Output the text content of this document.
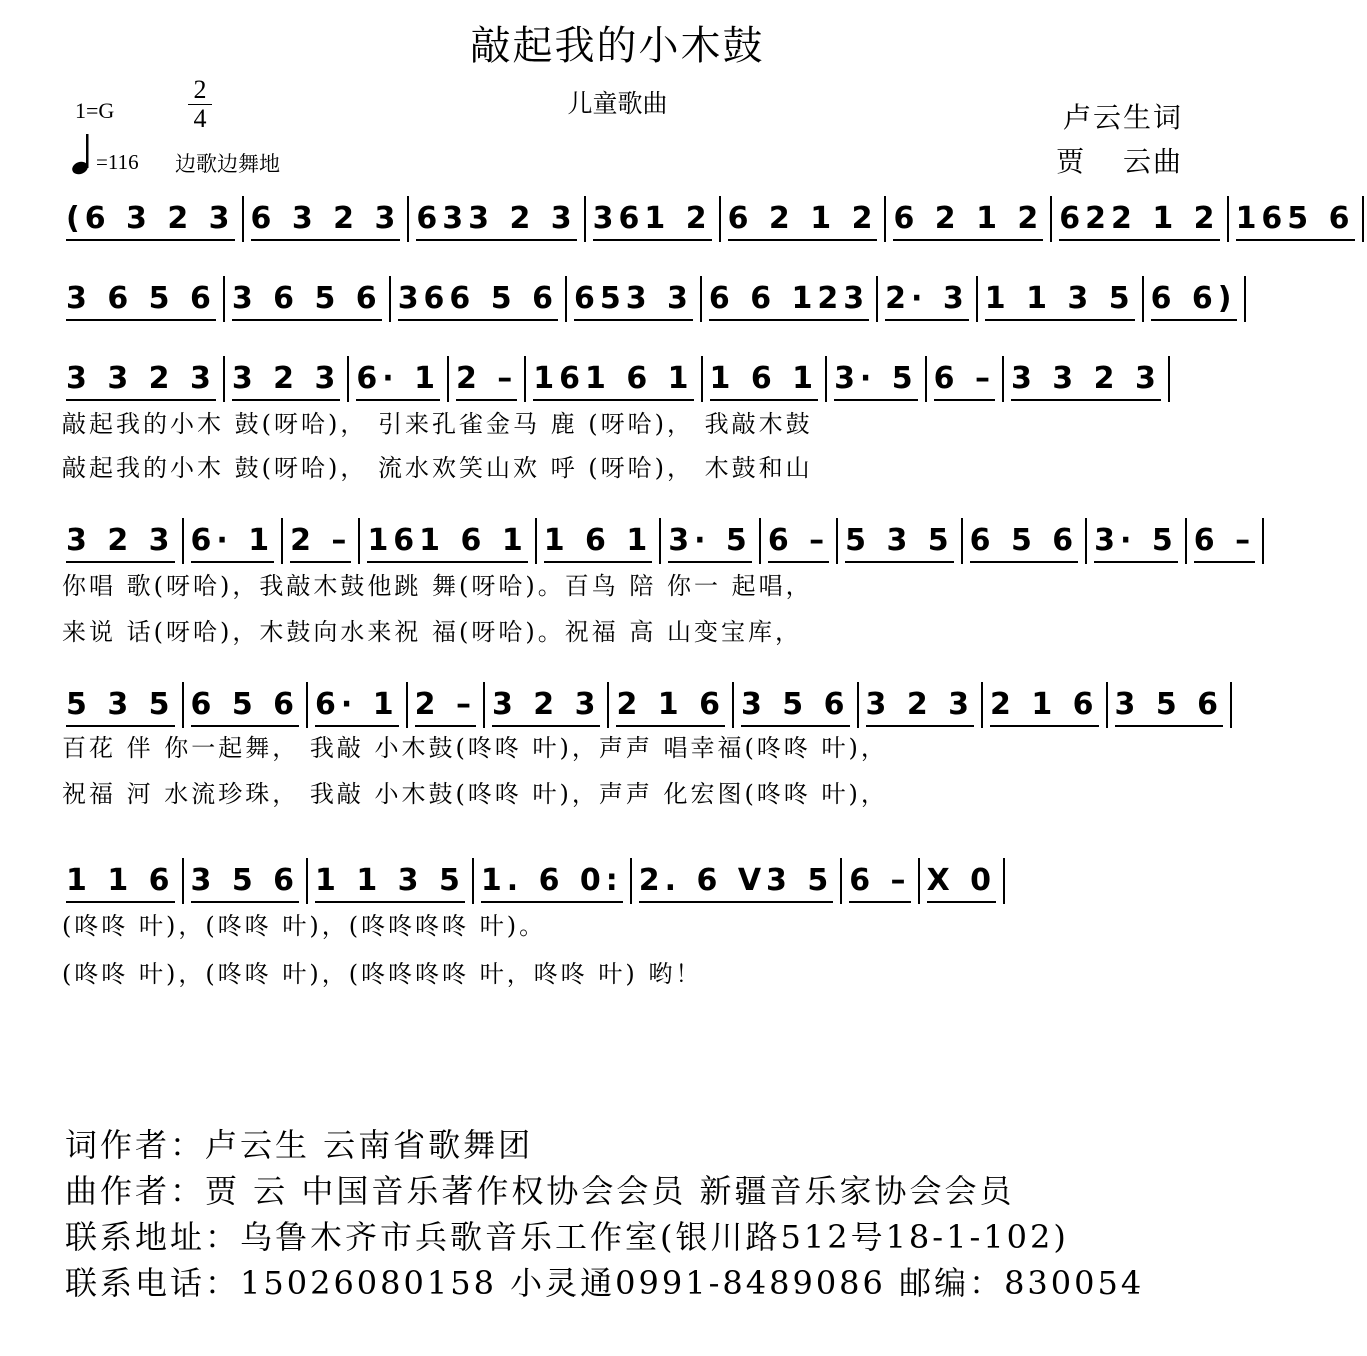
敲起我的小木鼓
儿童歌曲
1=G
2
4
=116 边歌边舞地
卢云生词
贾 云曲
(6 3 2 3 6 3 2 3 633 2 3 361 2 6 2 1 2 6 2 1 2 622 1 2 165 6
3 6 5 6 3 6 5 6 366 5 6 653 3 6 6 123 2· 3 1 1 3 5 6 6)
3 3 2 3 3 2 3 6· 1 2 – 161 6 1 1 6 1 3· 5 6 – 3 3 2 3
敲起我的小木 鼓(呀哈)， 引来孔雀金马 鹿 (呀哈)， 我敲木鼓
敲起我的小木 鼓(呀哈)， 流水欢笑山欢 呼 (呀哈)， 木鼓和山
3 2 3 6· 1 2 – 161 6 1 1 6 1 3· 5 6 – 5 3 5 6 5 6 3· 5 6 –
你唱 歌(呀哈)，我敲木鼓他跳 舞(呀哈)。百鸟 陪 你一 起唱，
来说 话(呀哈)，木鼓向水来祝 福(呀哈)。祝福 高 山变宝库，
5 3 5 6 5 6 6· 1 2 – 3 2 3 2 1 6 3 5 6 3 2 3 2 1 6 3 5 6
百花 伴 你一起舞， 我敲 小木鼓(咚咚 叶)，声声 唱幸福(咚咚 叶)，
祝福 河 水流珍珠， 我敲 小木鼓(咚咚 叶)，声声 化宏图(咚咚 叶)，
1 1 6 3 5 6 1 1 3 5 1. 6 0: 2. 6 V3 5 6 – X 0
(咚咚 叶)，(咚咚 叶)，(咚咚咚咚 叶)。
(咚咚 叶)，(咚咚 叶)，(咚咚咚咚 叶，咚咚 叶) 哟！
词作者：卢云生 云南省歌舞团
曲作者：贾 云 中国音乐著作权协会会员 新疆音乐家协会会员
联系地址：乌鲁木齐市兵歌音乐工作室(银川路512号18-1-102)
联系电话：15026080158 小灵通0991-8489086 邮编：830054
